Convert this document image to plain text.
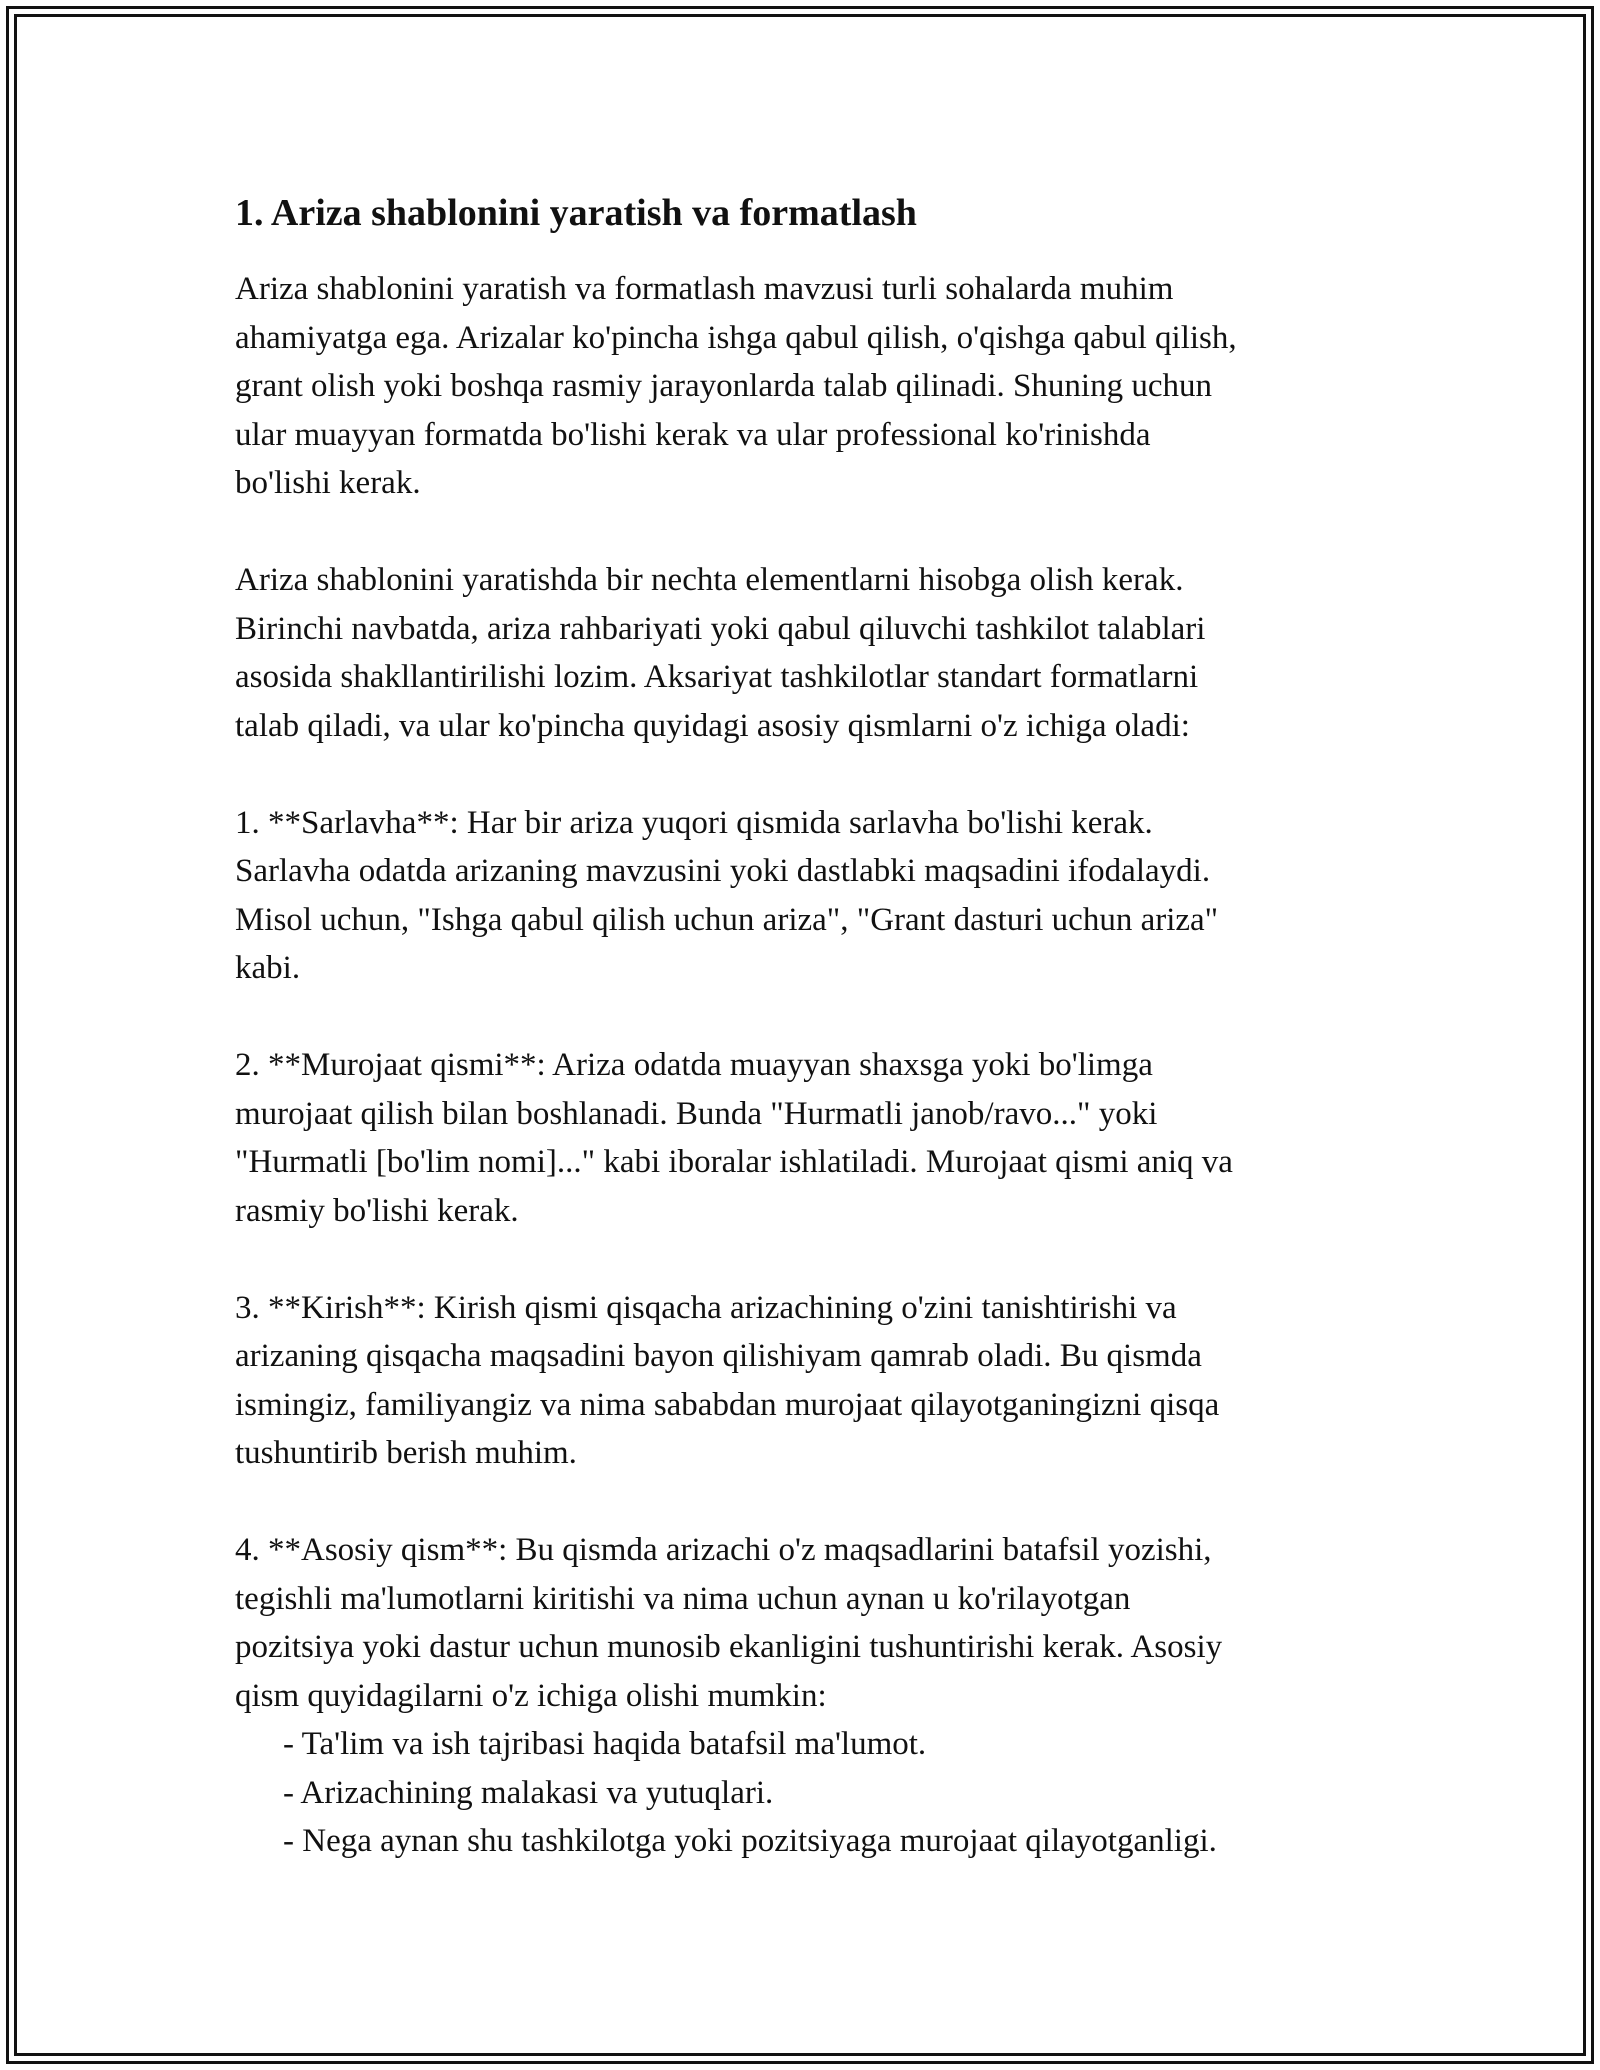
1. Ariza shablonini yaratish va formatlash

Ariza shablonini yaratish va formatlash mavzusi turli sohalarda muhim
ahamiyatga ega. Arizalar ko'pincha ishga qabul qilish, o'qishga qabul qilish,
grant olish yoki boshqa rasmiy jarayonlarda talab qilinadi. Shuning uchun
ular muayyan formatda bo'lishi kerak va ular professional ko'rinishda
bo'lishi kerak.

Ariza shablonini yaratishda bir nechta elementlarni hisobga olish kerak.
Birinchi navbatda, ariza rahbariyati yoki qabul qiluvchi tashkilot talablari
asosida shakllantirilishi lozim. Aksariyat tashkilotlar standart formatlarni
talab qiladi, va ular ko'pincha quyidagi asosiy qismlarni o'z ichiga oladi:

1. **Sarlavha**: Har bir ariza yuqori qismida sarlavha bo'lishi kerak.
Sarlavha odatda arizaning mavzusini yoki dastlabki maqsadini ifodalaydi.
Misol uchun, "Ishga qabul qilish uchun ariza", "Grant dasturi uchun ariza"
kabi.

2. **Murojaat qismi**: Ariza odatda muayyan shaxsga yoki bo'limga
murojaat qilish bilan boshlanadi. Bunda "Hurmatli janob/ravo..." yoki
"Hurmatli [bo'lim nomi]..." kabi iboralar ishlatiladi. Murojaat qismi aniq va
rasmiy bo'lishi kerak.

3. **Kirish**: Kirish qismi qisqacha arizachining o'zini tanishtirishi va
arizaning qisqacha maqsadini bayon qilishiyam qamrab oladi. Bu qismda
ismingiz, familiyangiz va nima sababdan murojaat qilayotganingizni qisqa
tushuntirib berish muhim.

4. **Asosiy qism**: Bu qismda arizachi o'z maqsadlarini batafsil yozishi,
tegishli ma'lumotlarni kiritishi va nima uchun aynan u ko'rilayotgan
pozitsiya yoki dastur uchun munosib ekanligini tushuntirishi kerak. Asosiy
qism quyidagilarni o'z ichiga olishi mumkin:

- Ta'lim va ish tajribasi haqida batafsil ma'lumot.

- Arizachining malakasi va yutuqlari.

- Nega aynan shu tashkilotga yoki pozitsiyaga murojaat qilayotganligi.
